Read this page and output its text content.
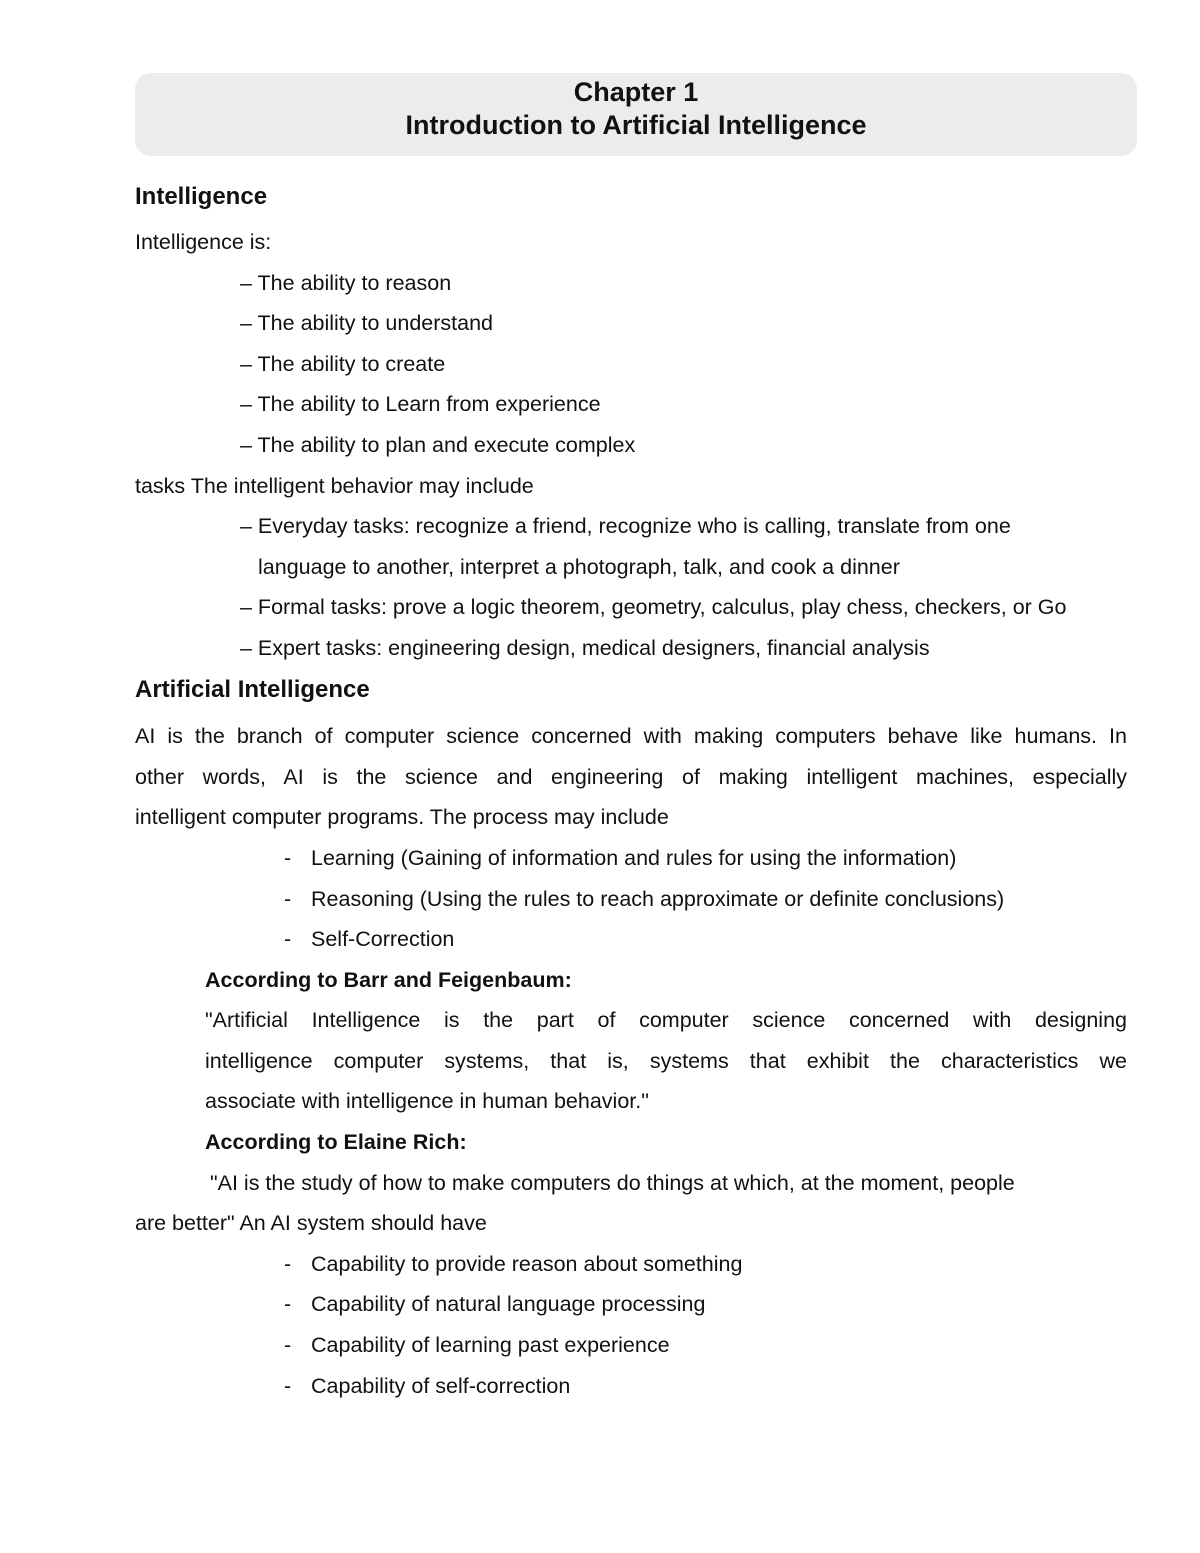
Chapter 1
Introduction to Artificial Intelligence
Intelligence
Intelligence is:
– The ability to reason
– The ability to understand
– The ability to create
– The ability to Learn from experience
– The ability to plan and execute complex
tasks The intelligent behavior may include
– Everyday tasks: recognize a friend, recognize who is calling, translate from one
language to another, interpret a photograph, talk, and cook a dinner
– Formal tasks: prove a logic theorem, geometry, calculus, play chess, checkers, or Go
– Expert tasks: engineering design, medical designers, financial analysis
Artificial Intelligence
AI is the branch of computer science concerned with making computers behave like humans. In
other words, AI is the science and engineering of making intelligent machines, especially
intelligent computer programs. The process may include
- Learning (Gaining of information and rules for using the information)
- Reasoning (Using the rules to reach approximate or definite conclusions)
- Self-Correction
According to Barr and Feigenbaum:
"Artificial Intelligence is the part of computer science concerned with designing
intelligence computer systems, that is, systems that exhibit the characteristics we
associate with intelligence in human behavior."
According to Elaine Rich:
"AI is the study of how to make computers do things at which, at the moment, people
are better" An AI system should have
- Capability to provide reason about something
- Capability of natural language processing
- Capability of learning past experience
- Capability of self-correction
